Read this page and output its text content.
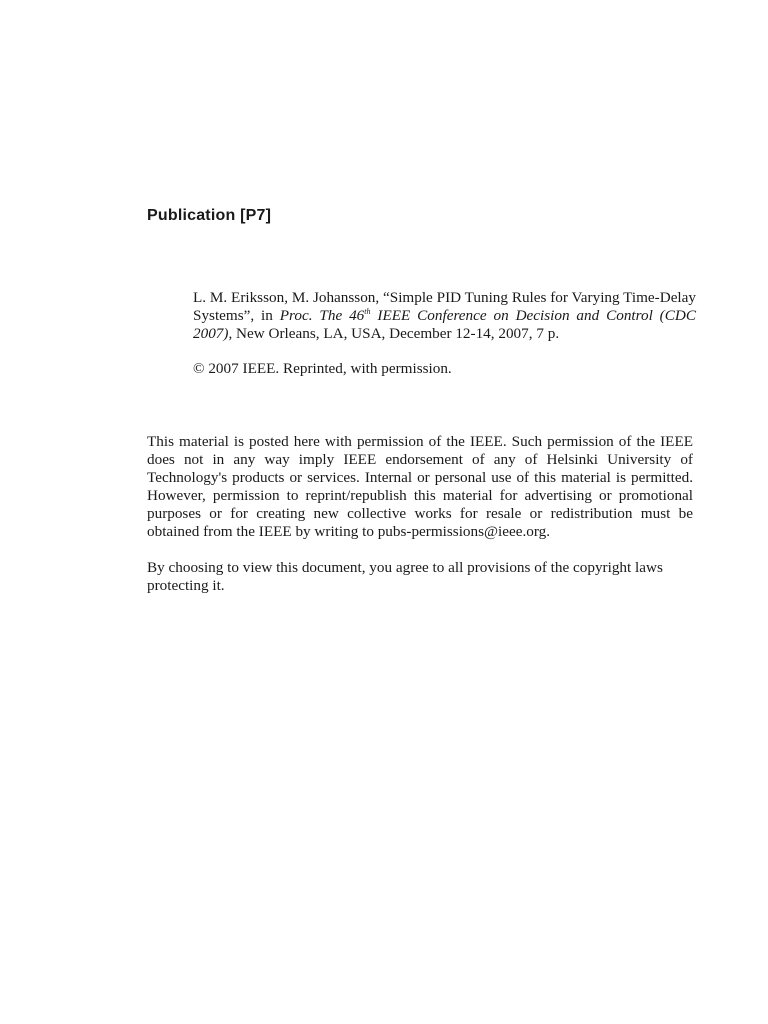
Publication [P7]

L. M. Eriksson, M. Johansson, “Simple PID Tuning Rules for Varying Time-Delay Systems”, in Proc. The 46th IEEE Conference on Decision and Control (CDC 2007), New Orleans, LA, USA, December 12-14, 2007, 7 p.

© 2007 IEEE. Reprinted, with permission.

This material is posted here with permission of the IEEE. Such permission of the IEEE does not in any way imply IEEE endorsement of any of Helsinki University of Technology's products or services. Internal or personal use of this material is permitted. However, permission to reprint/republish this material for advertising or promotional purposes or for creating new collective works for resale or redistribution must be obtained from the IEEE by writing to pubs-permissions@ieee.org.

By choosing to view this document, you agree to all provisions of the copyright laws protecting it.
